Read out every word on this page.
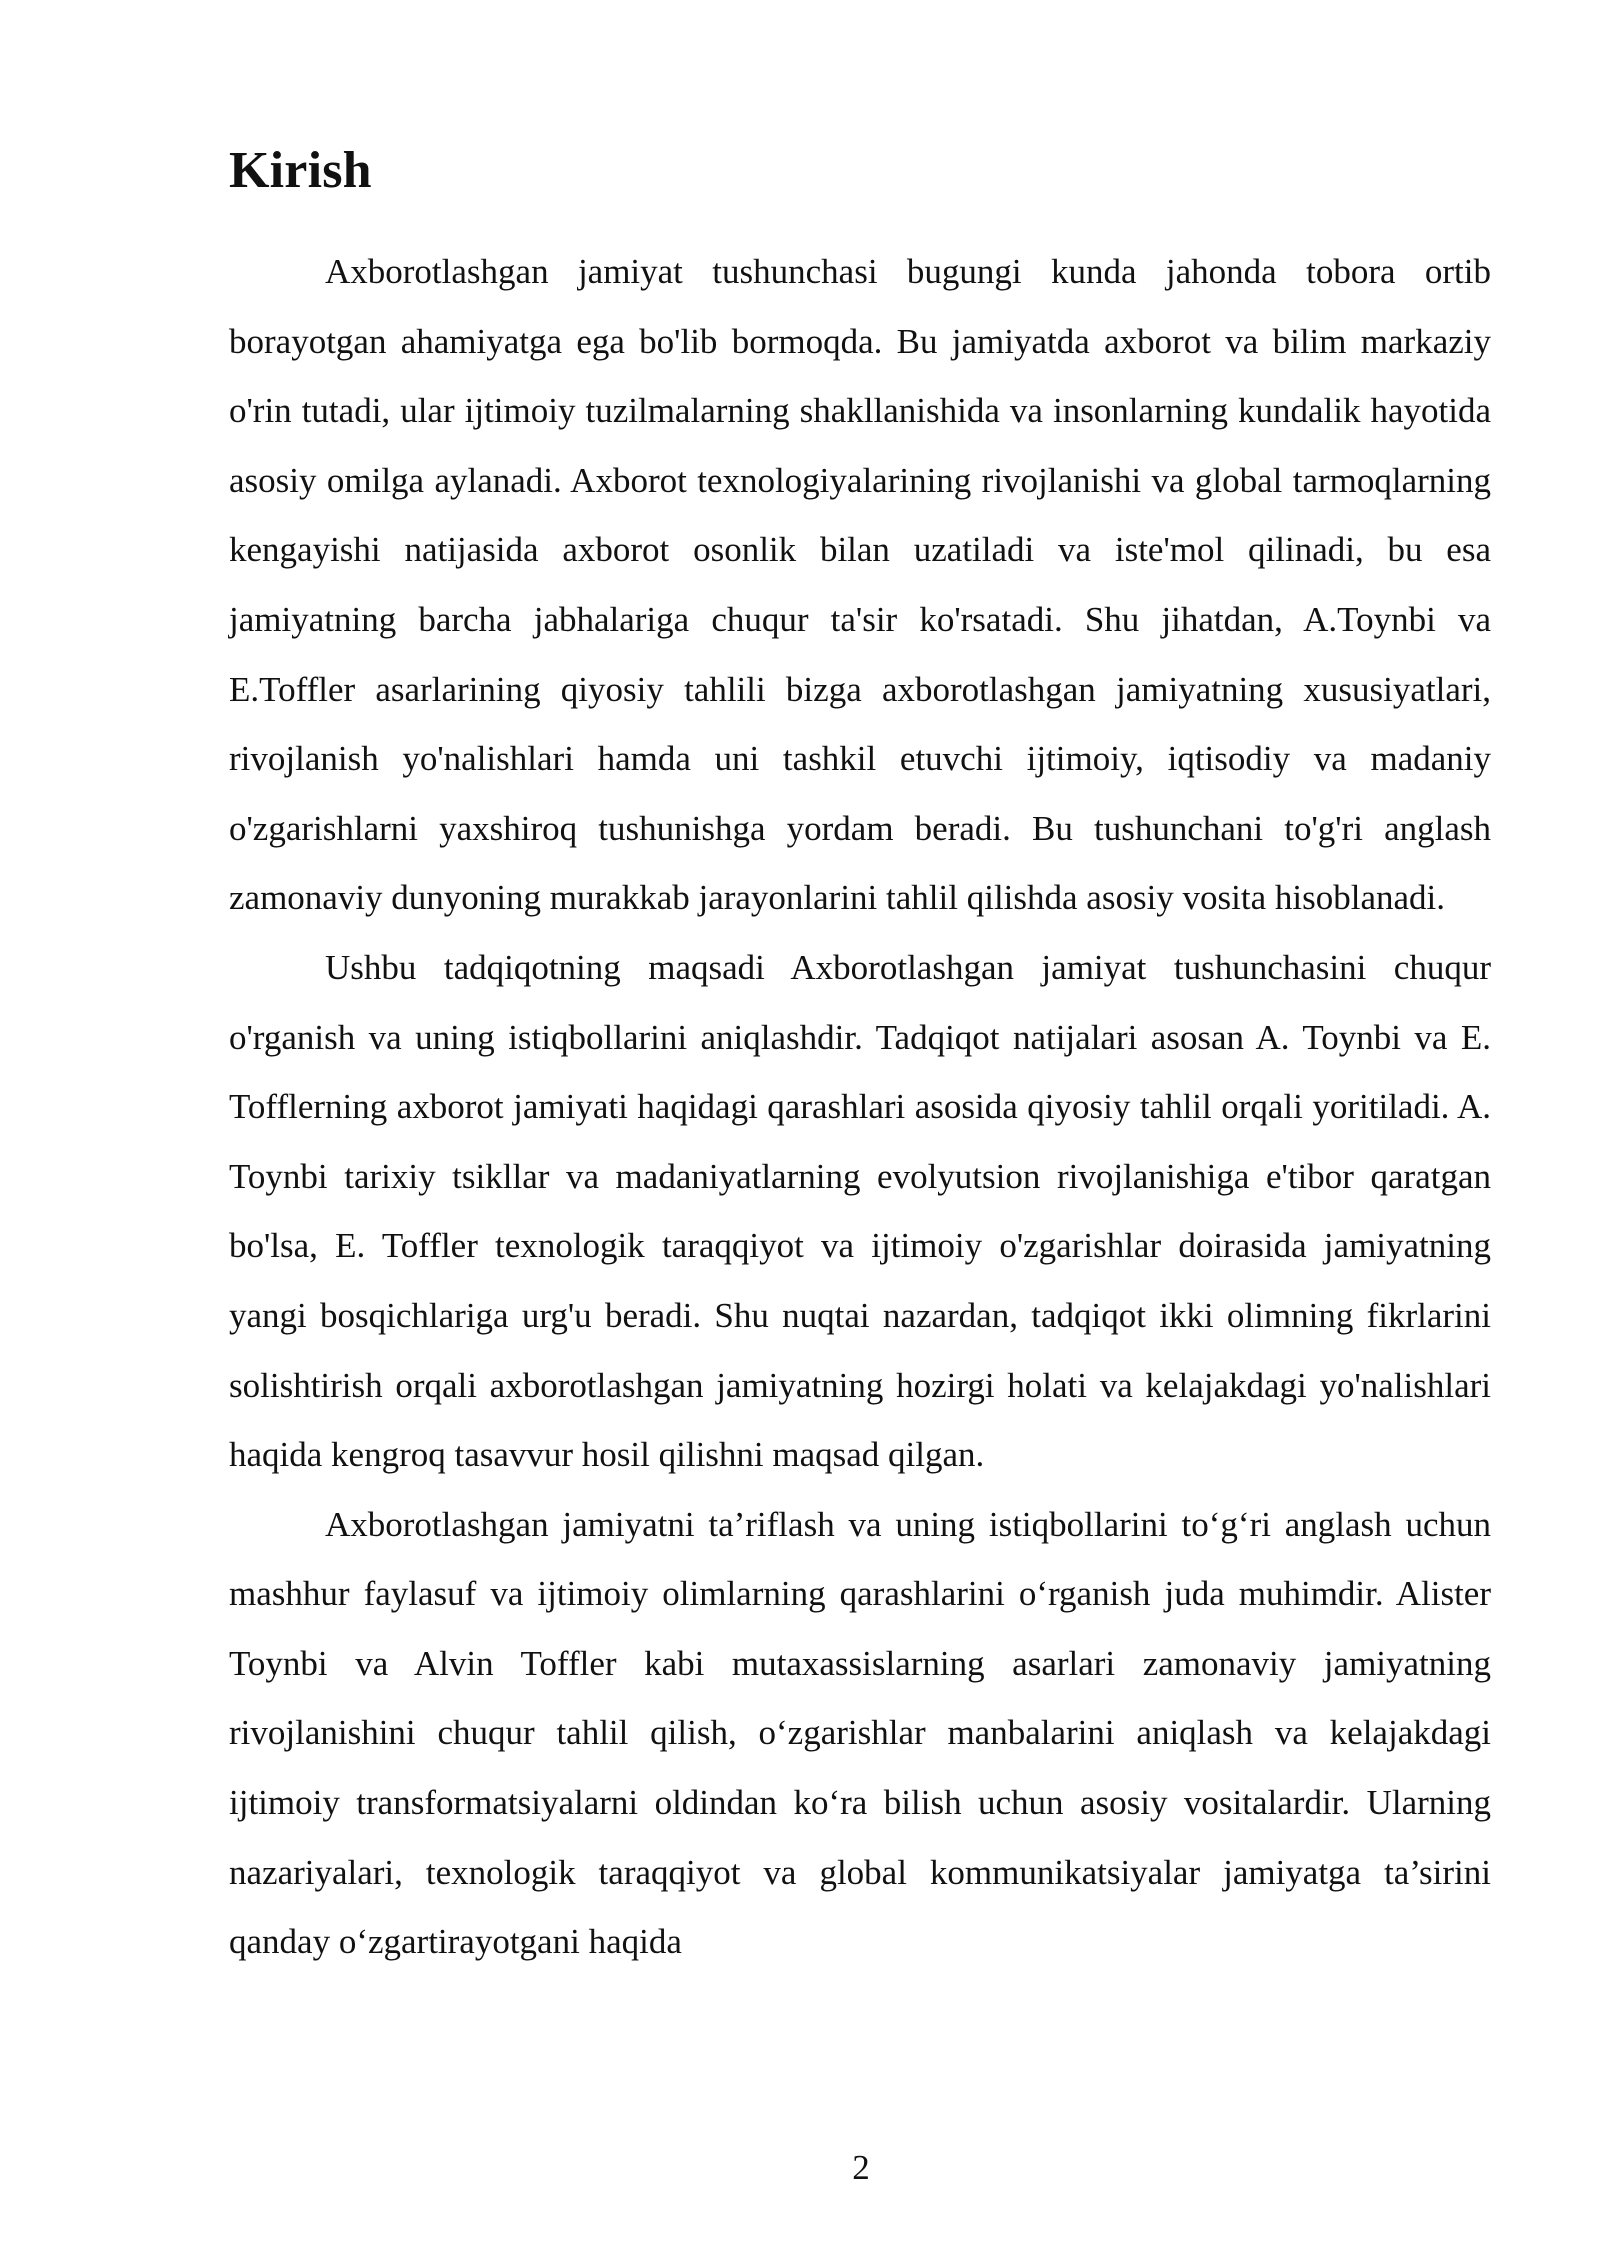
Kirish

Axborotlashgan jamiyat tushunchasi bugungi kunda jahonda tobora ortib borayotgan ahamiyatga ega bo'lib bormoqda. Bu jamiyatda axborot va bilim markaziy o'rin tutadi, ular ijtimoiy tuzilmalarning shakllanishida va insonlarning kundalik hayotida asosiy omilga aylanadi. Axborot texnologiyalarining rivojlanishi va global tarmoqlarning kengayishi natijasida axborot osonlik bilan uzatiladi va iste'mol qilinadi, bu esa jamiyatning barcha jabhalariga chuqur ta'sir ko'rsatadi. Shu jihatdan, A.Toynbi va E.Toffler asarlarining qiyosiy tahlili bizga axborotlashgan jamiyatning xususiyatlari, rivojlanish yo'nalishlari hamda uni tashkil etuvchi ijtimoiy, iqtisodiy va madaniy o'zgarishlarni yaxshiroq tushunishga yordam beradi. Bu tushunchani to'g'ri anglash zamonaviy dunyoning murakkab jarayonlarini tahlil qilishda asosiy vosita hisoblanadi.

Ushbu tadqiqotning maqsadi Axborotlashgan jamiyat tushunchasini chuqur o'rganish va uning istiqbollarini aniqlashdir. Tadqiqot natijalari asosan A. Toynbi va E. Tofflerning axborot jamiyati haqidagi qarashlari asosida qiyosiy tahlil orqali yoritiladi. A. Toynbi tarixiy tsikllar va madaniyatlarning evolyutsion rivojlanishiga e'tibor qaratgan bo'lsa, E. Toffler texnologik taraqqiyot va ijtimoiy o'zgarishlar doirasida jamiyatning yangi bosqichlariga urg'u beradi. Shu nuqtai nazardan, tadqiqot ikki olimning fikrlarini solishtirish orqali axborotlashgan jamiyatning hozirgi holati va kelajakdagi yo'nalishlari haqida kengroq tasavvur hosil qilishni maqsad qilgan.

Axborotlashgan jamiyatni ta’riflash va uning istiqbollarini to‘g‘ri anglash uchun mashhur faylasuf va ijtimoiy olimlarning qarashlarini o‘rganish juda muhimdir. Alister Toynbi va Alvin Toffler kabi mutaxassislarning asarlari zamonaviy jamiyatning rivojlanishini chuqur tahlil qilish, o‘zgarishlar manbalarini aniqlash va kelajakdagi ijtimoiy transformatsiyalarni oldindan ko‘ra bilish uchun asosiy vositalardir. Ularning nazariyalari, texnologik taraqqiyot va global kommunikatsiyalar jamiyatga ta’sirini qanday o‘zgartirayotgani haqida

2
